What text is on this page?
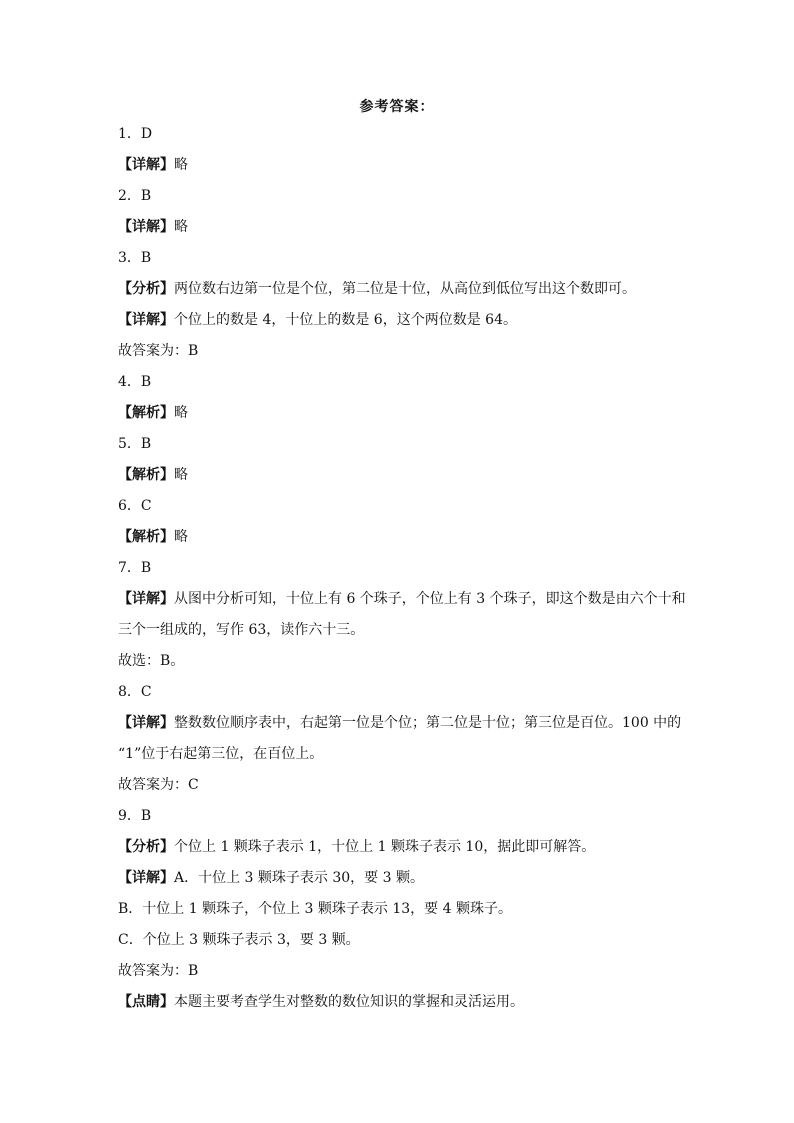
参考答案：
1．D
【详解】略
2．B
【详解】略
3．B
【分析】两位数右边第一位是个位，第二位是十位，从高位到低位写出这个数即可。
【详解】个位上的数是 4，十位上的数是 6，这个两位数是 64。
故答案为：B
4．B
【解析】略
5．B
【解析】略
6．C
【解析】略
7．B
【详解】从图中分析可知，十位上有 6 个珠子，个位上有 3 个珠子，即这个数是由六个十和
三个一组成的，写作 63，读作六十三。
故选：B。
8．C
【详解】整数数位顺序表中，右起第一位是个位；第二位是十位；第三位是百位。100 中的
“1”位于右起第三位，在百位上。
故答案为：C
9．B
【分析】个位上 1 颗珠子表示 1，十位上 1 颗珠子表示 10，据此即可解答。
【详解】A．十位上 3 颗珠子表示 30，要 3 颗。
B．十位上 1 颗珠子，个位上 3 颗珠子表示 13，要 4 颗珠子。
C．个位上 3 颗珠子表示 3，要 3 颗。
故答案为：B
【点睛】本题主要考查学生对整数的数位知识的掌握和灵活运用。
